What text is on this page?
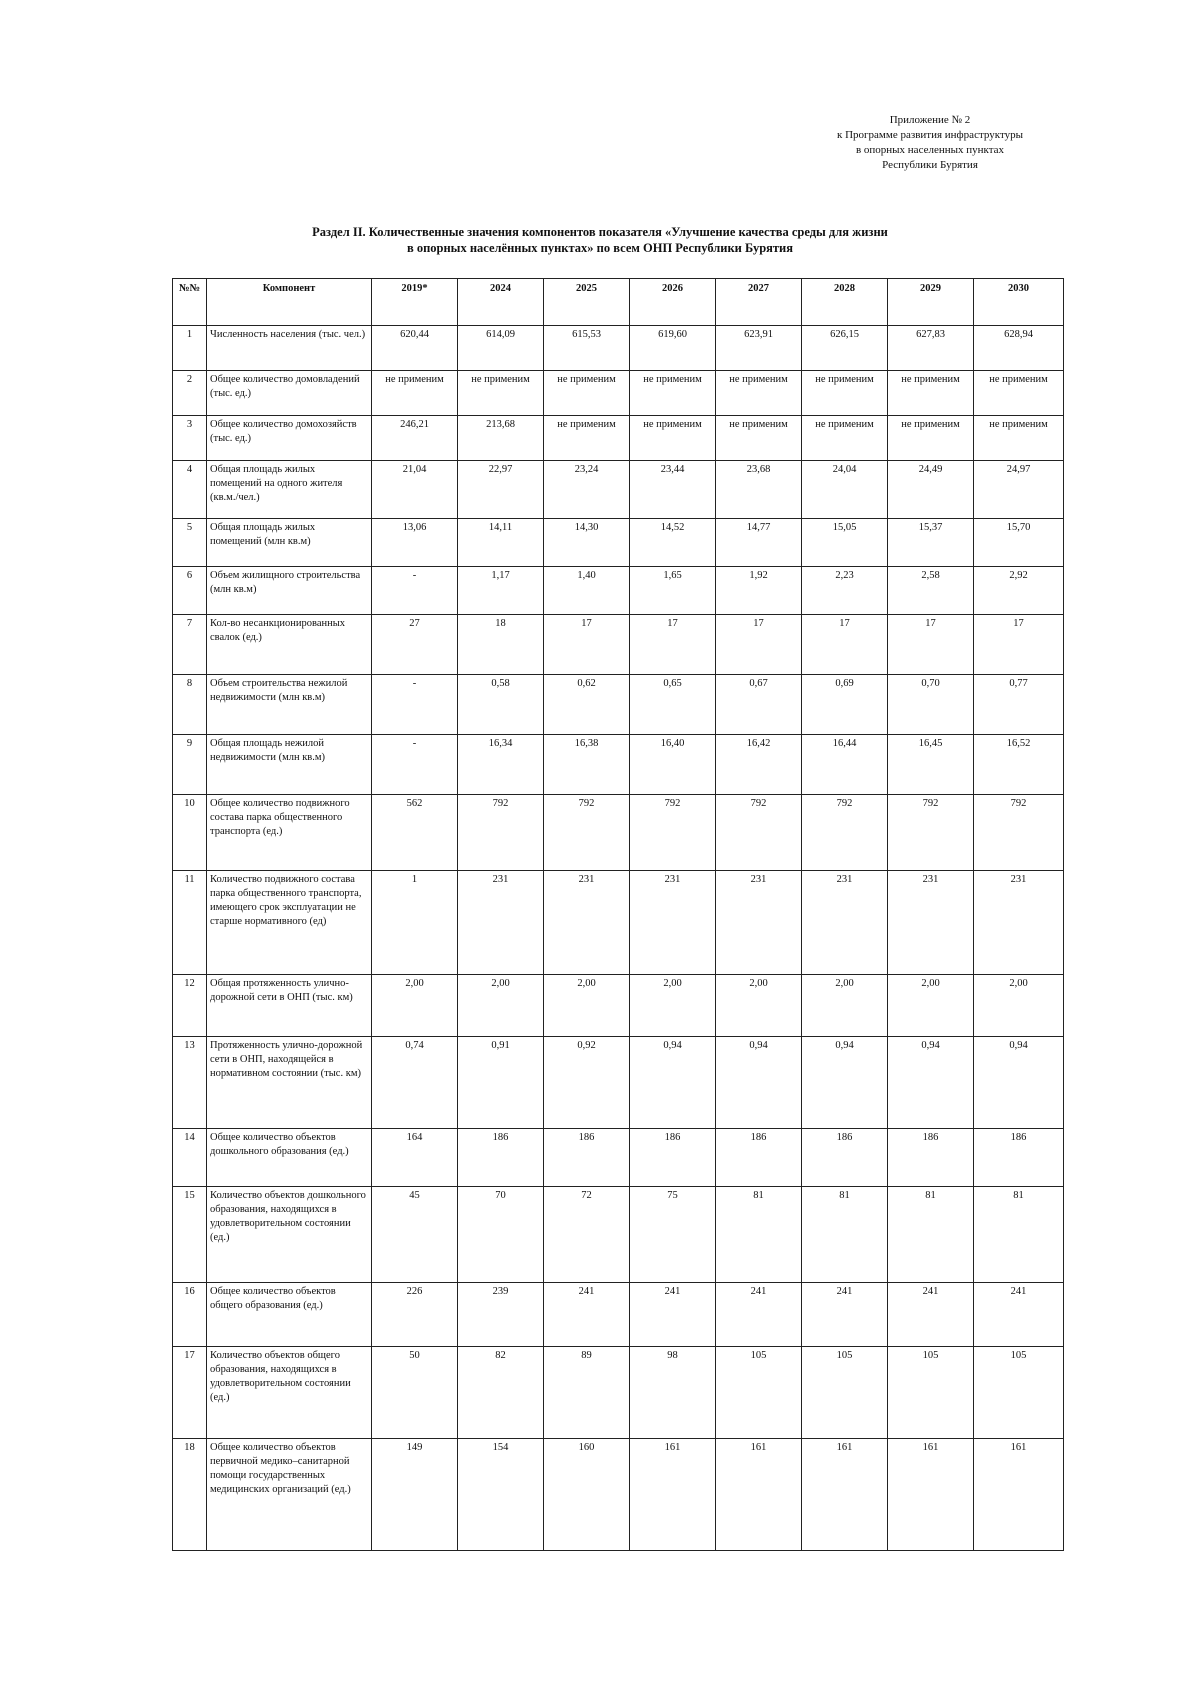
Приложение № 2
к Программе развития инфраструктуры
в опорных населенных пунктах
Республики Бурятия
Раздел II. Количественные значения компонентов показателя «Улучшение качества среды для жизни
в опорных населённых пунктах» по всем ОНП Республики Бурятия
№№	Компонент	2019*	2024	2025	2026	2027	2028	2029	2030
1	Численность населения (тыс. чел.)	620,44	614,09	615,53	619,60	623,91	626,15	627,83	628,94
2	Общее количество домовладений (тыс. ед.)	не применим	не применим	не применим	не применим	не применим	не применим	не применим	не применим
3	Общее количество домохозяйств (тыс. ед.)	246,21	213,68	не применим	не применим	не применим	не применим	не применим	не применим
4	Общая площадь жилых помещений на одного жителя (кв.м./чел.)	21,04	22,97	23,24	23,44	23,68	24,04	24,49	24,97
5	Общая площадь жилых помещений (млн кв.м)	13,06	14,11	14,30	14,52	14,77	15,05	15,37	15,70
6	Объем жилищного строительства (млн кв.м)	-	1,17	1,40	1,65	1,92	2,23	2,58	2,92
7	Кол-во несанкционированных свалок (ед.)	27	18	17	17	17	17	17	17
8	Объем строительства нежилой недвижимости (млн кв.м)	-	0,58	0,62	0,65	0,67	0,69	0,70	0,77
9	Общая площадь нежилой недвижимости (млн кв.м)	-	16,34	16,38	16,40	16,42	16,44	16,45	16,52
10	Общее количество подвижного состава парка общественного транспорта (ед.)	562	792	792	792	792	792	792	792
11	Количество подвижного состава парка общественного транспорта, имеющего срок эксплуатации не старше нормативного (ед)	1	231	231	231	231	231	231	231
12	Общая протяженность улично-дорожной сети в ОНП (тыс. км)	2,00	2,00	2,00	2,00	2,00	2,00	2,00	2,00
13	Протяженность улично-дорожной сети в ОНП, находящейся в нормативном состоянии (тыс. км)	0,74	0,91	0,92	0,94	0,94	0,94	0,94	0,94
14	Общее количество объектов дошкольного образования (ед.)	164	186	186	186	186	186	186	186
15	Количество объектов дошкольного образования, находящихся в удовлетворительном состоянии (ед.)	45	70	72	75	81	81	81	81
16	Общее количество объектов общего образования (ед.)	226	239	241	241	241	241	241	241
17	Количество объектов общего образования, находящихся в удовлетворительном состоянии (ед.)	50	82	89	98	105	105	105	105
18	Общее количество объектов первичной медико–санитарной помощи государственных медицинских организаций (ед.)	149	154	160	161	161	161	161	161
